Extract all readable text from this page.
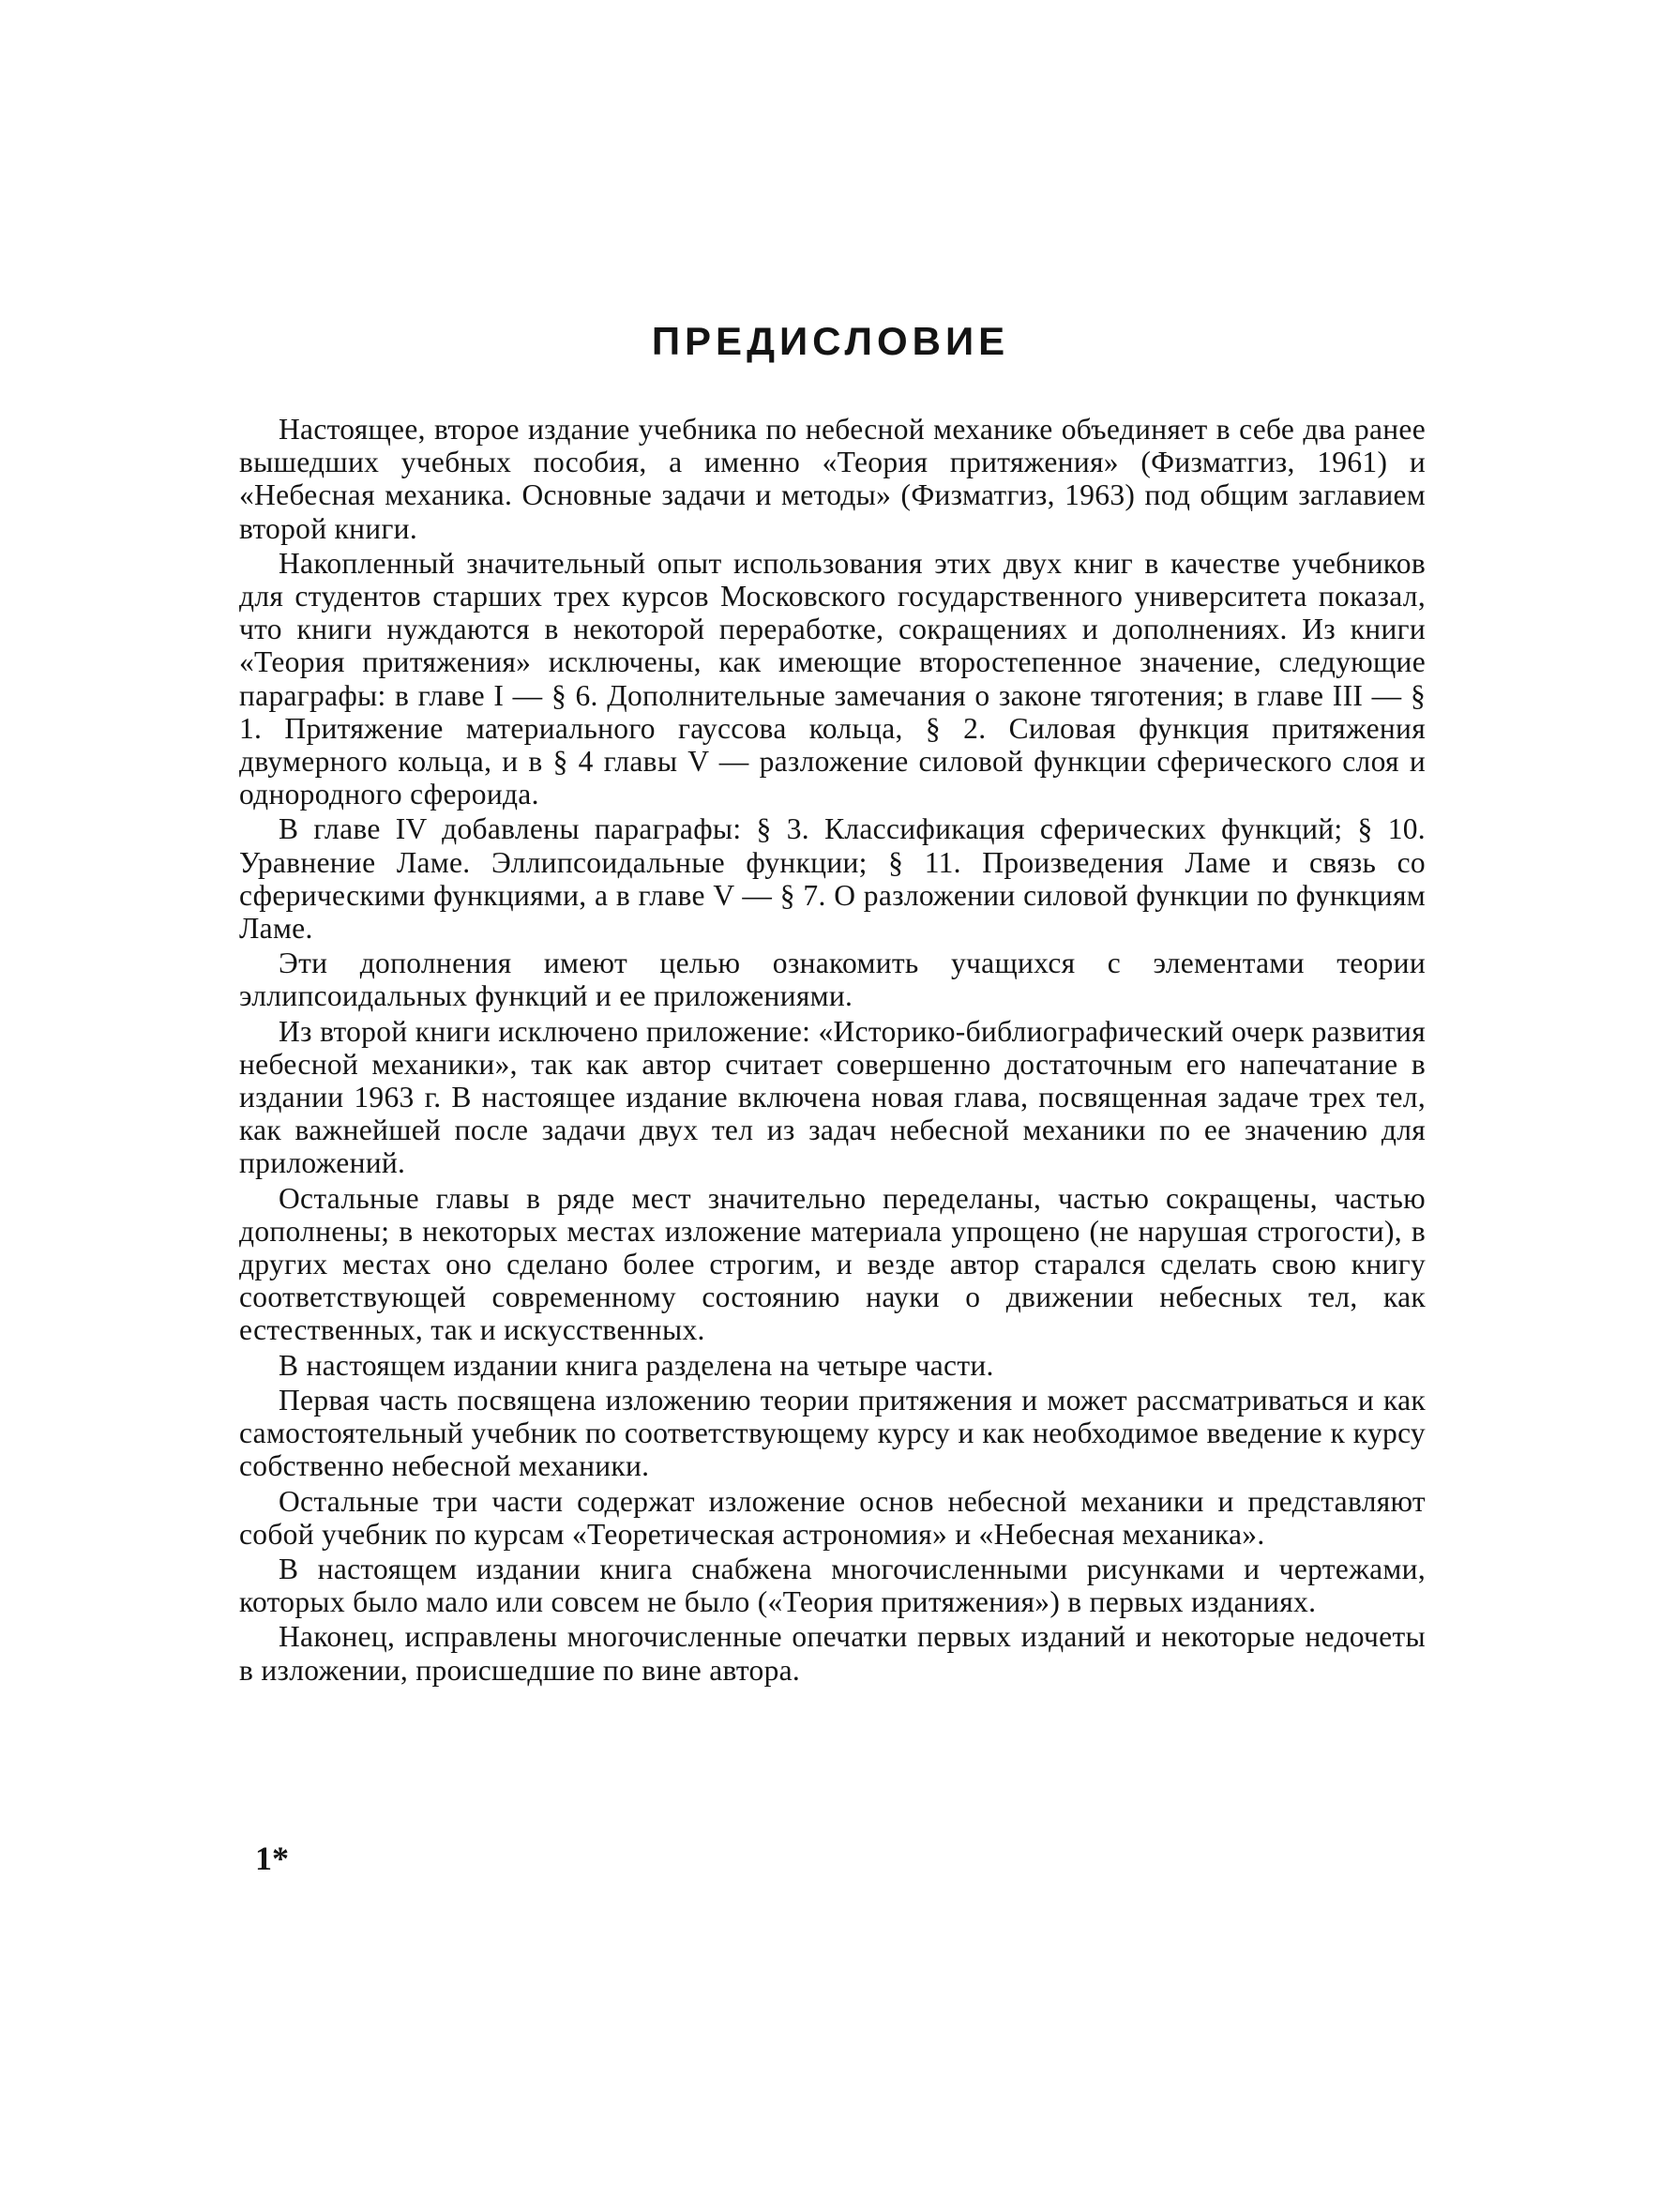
ПРЕДИСЛОВИЕ

Настоящее, второе издание учебника по небесной механике объединяет в себе два ранее вышедших учебных пособия, а именно «Теория притяжения» (Физматгиз, 1961) и «Небесная механика. Основные задачи и методы» (Физматгиз, 1963) под общим заглавием второй книги.

Накопленный значительный опыт использования этих двух книг в качестве учебников для студентов старших трех курсов Московского государственного университета показал, что книги нуждаются в некоторой переработке, сокращениях и дополнениях. Из книги «Теория притяжения» исключены, как имеющие второстепенное значение, следующие параграфы: в главе I — § 6. Дополнительные замечания о законе тяготения; в главе III — § 1. Притяжение материального гауссова кольца, § 2. Силовая функция притяжения двумерного кольца, и в § 4 главы V — разложение силовой функции сферического слоя и однородного сфероида.

В главе IV добавлены параграфы: § 3. Классификация сферических функций; § 10. Уравнение Ламе. Эллипсоидальные функции; § 11. Произведения Ламе и связь со сферическими функциями, а в главе V — § 7. О разложении силовой функции по функциям Ламе.

Эти дополнения имеют целью ознакомить учащихся с элементами теории эллипсоидальных функций и ее приложениями.

Из второй книги исключено приложение: «Историко-библиографический очерк развития небесной механики», так как автор считает совершенно достаточным его напечатание в издании 1963 г. В настоящее издание включена новая глава, посвященная задаче трех тел, как важнейшей после задачи двух тел из задач небесной механики по ее значению для приложений.

Остальные главы в ряде мест значительно переделаны, частью сокращены, частью дополнены; в некоторых местах изложение материала упрощено (не нарушая строгости), в других местах оно сделано более строгим, и везде автор старался сделать свою книгу соответствующей современному состоянию науки о движении небесных тел, как естественных, так и искусственных.

В настоящем издании книга разделена на четыре части.

Первая часть посвящена изложению теории притяжения и может рассматриваться и как самостоятельный учебник по соответствующему курсу и как необходимое введение к курсу собственно небесной механики.

Остальные три части содержат изложение основ небесной механики и представляют собой учебник по курсам «Теоретическая астрономия» и «Небесная механика».

В настоящем издании книга снабжена многочисленными рисунками и чертежами, которых было мало или совсем не было («Теория притяжения») в первых изданиях.

Наконец, исправлены многочисленные опечатки первых изданий и некоторые недочеты в изложении, происшедшие по вине автора.

1*
